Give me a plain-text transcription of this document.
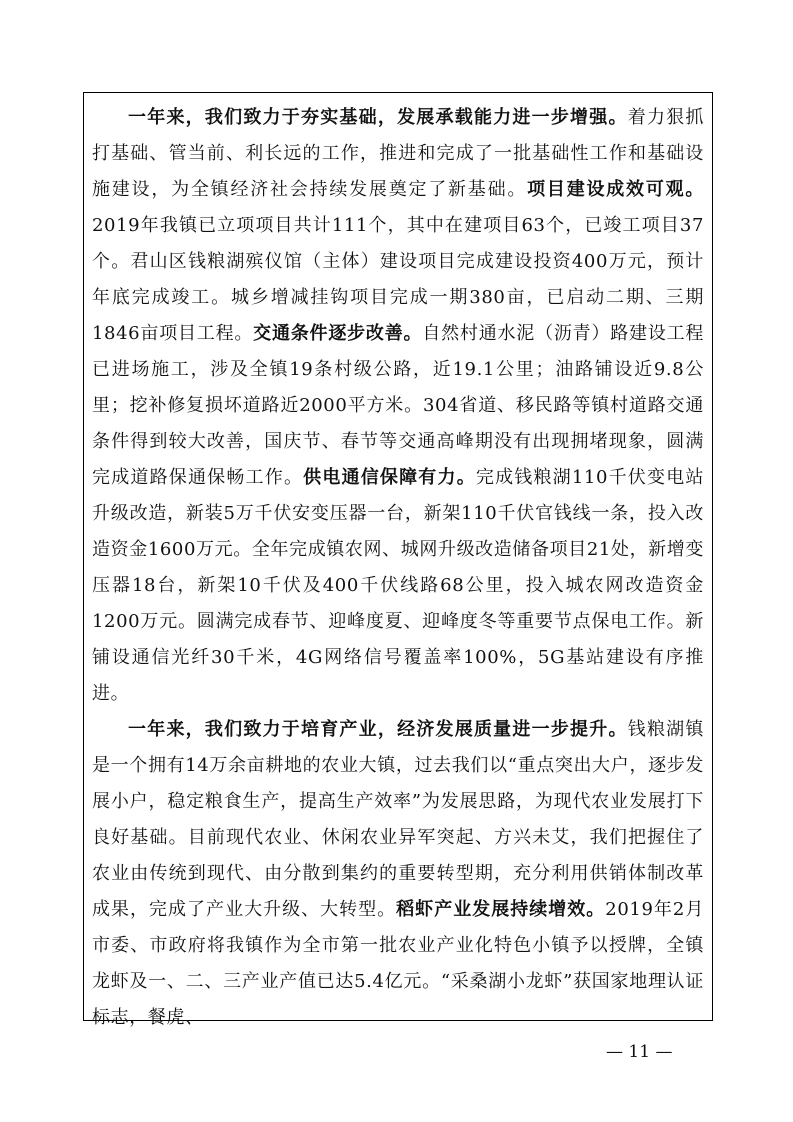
一年来，我们致力于夯实基础，发展承载能力进一步增强。着力狠抓打基础、管当前、利长远的工作，推进和完成了一批基础性工作和基础设施建设，为全镇经济社会持续发展奠定了新基础。项目建设成效可观。2019年我镇已立项项目共计111个，其中在建项目63个，已竣工项目37个。君山区钱粮湖殡仪馆（主体）建设项目完成建设投资400万元，预计年底完成竣工。城乡增减挂钩项目完成一期380亩，已启动二期、三期1846亩项目工程。交通条件逐步改善。自然村通水泥（沥青）路建设工程已进场施工，涉及全镇19条村级公路，近19.1公里；油路铺设近9.8公里；挖补修复损坏道路近2000平方米。304省道、移民路等镇村道路交通条件得到较大改善，国庆节、春节等交通高峰期没有出现拥堵现象，圆满完成道路保通保畅工作。供电通信保障有力。完成钱粮湖110千伏变电站升级改造，新装5万千伏安变压器一台，新架110千伏官钱线一条，投入改造资金1600万元。全年完成镇农网、城网升级改造储备项目21处，新增变压器18台，新架10千伏及400千伏线路68公里，投入城农网改造资金1200万元。圆满完成春节、迎峰度夏、迎峰度冬等重要节点保电工作。新铺设通信光纤30千米，4G网络信号覆盖率100%，5G基站建设有序推进。

一年来，我们致力于培育产业，经济发展质量进一步提升。钱粮湖镇是一个拥有14万余亩耕地的农业大镇，过去我们以“重点突出大户，逐步发展小户，稳定粮食生产，提高生产效率”为发展思路，为现代农业发展打下良好基础。目前现代农业、休闲农业异军突起、方兴未艾，我们把握住了农业由传统到现代、由分散到集约的重要转型期，充分利用供销体制改革成果，完成了产业大升级、大转型。稻虾产业发展持续增效。2019年2月市委、市政府将我镇作为全市第一批农业产业化特色小镇予以授牌，全镇龙虾及一、二、三产业产值已达5.4亿元。“采桑湖小龙虾”获国家地理认证标志，餐虎、

— 11 —
